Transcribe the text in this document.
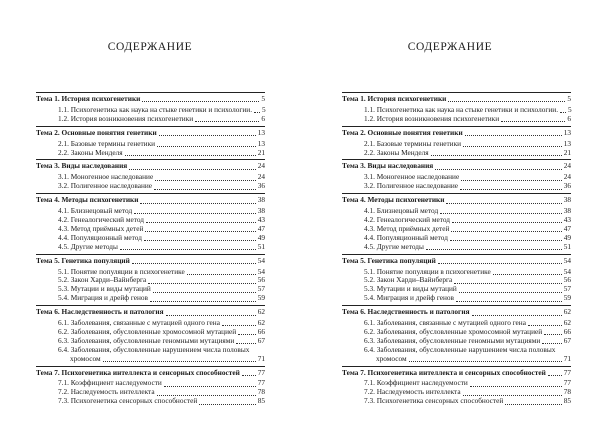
СОДЕРЖАНИЕ
Тема 1. История психогенетики	5
1.1. Психогенетика как наука на стыке генетики и психологии. 5
1.2. История возникновения психогенетики	6
Тема 2. Основные понятия генетики	13
2.1. Базовые термины генетики	13
2.2. Законы Менделя	21
Тема 3. Виды наследования	24
3.1. Моногенное наследование	24
3.2. Полигенное наследование	36
Тема 4. Методы психогенетики	38
4.1. Близнецовый метод	38
4.2. Генеалогический метод	43
4.3. Метод приёмных детей	47
4.4. Популяционный метод	49
4.5. Другие методы	51
Тема 5. Генетика популяций	54
5.1. Понятие популяции в психогенетике	54
5.2. Закон Харди–Вайнберга	56
5.3. Мутации и виды мутаций	57
5.4. Миграция и дрейф генов	59
Тема 6. Наследственность и патология	62
6.1. Заболевания, связанные с мутацией одного гена	62
6.2. Заболевания, обусловленные хромосомной мутацией	66
6.3. Заболевания, обусловленные геномными мутациями	67
6.4. Заболевания, обусловленные нарушением числа половых
хромосом	71
Тема 7. Психогенетика интеллекта и сенсорных способностей 77
7.1. Коэффициент наследуемости	77
7.2. Наследуемость интеллекта	78
7.3. Психогенетика сенсорных способностей	85
СОДЕРЖАНИЕ
Тема 1. История психогенетики	5
1.1. Психогенетика как наука на стыке генетики и психологии. 5
1.2. История возникновения психогенетики	6
Тема 2. Основные понятия генетики	13
2.1. Базовые термины генетики	13
2.2. Законы Менделя	21
Тема 3. Виды наследования	24
3.1. Моногенное наследование	24
3.2. Полигенное наследование	36
Тема 4. Методы психогенетики	38
4.1. Близнецовый метод	38
4.2. Генеалогический метод	43
4.3. Метод приёмных детей	47
4.4. Популяционный метод	49
4.5. Другие методы	51
Тема 5. Генетика популяций	54
5.1. Понятие популяции в психогенетике	54
5.2. Закон Харди–Вайнберга	56
5.3. Мутации и виды мутаций	57
5.4. Миграция и дрейф генов	59
Тема 6. Наследственность и патология	62
6.1. Заболевания, связанные с мутацией одного гена	62
6.2. Заболевания, обусловленные хромосомной мутацией	66
6.3. Заболевания, обусловленные геномными мутациями	67
6.4. Заболевания, обусловленные нарушением числа половых
хромосом	71
Тема 7. Психогенетика интеллекта и сенсорных способностей 77
7.1. Коэффициент наследуемости	77
7.2. Наследуемость интеллекта	78
7.3. Психогенетика сенсорных способностей	85
